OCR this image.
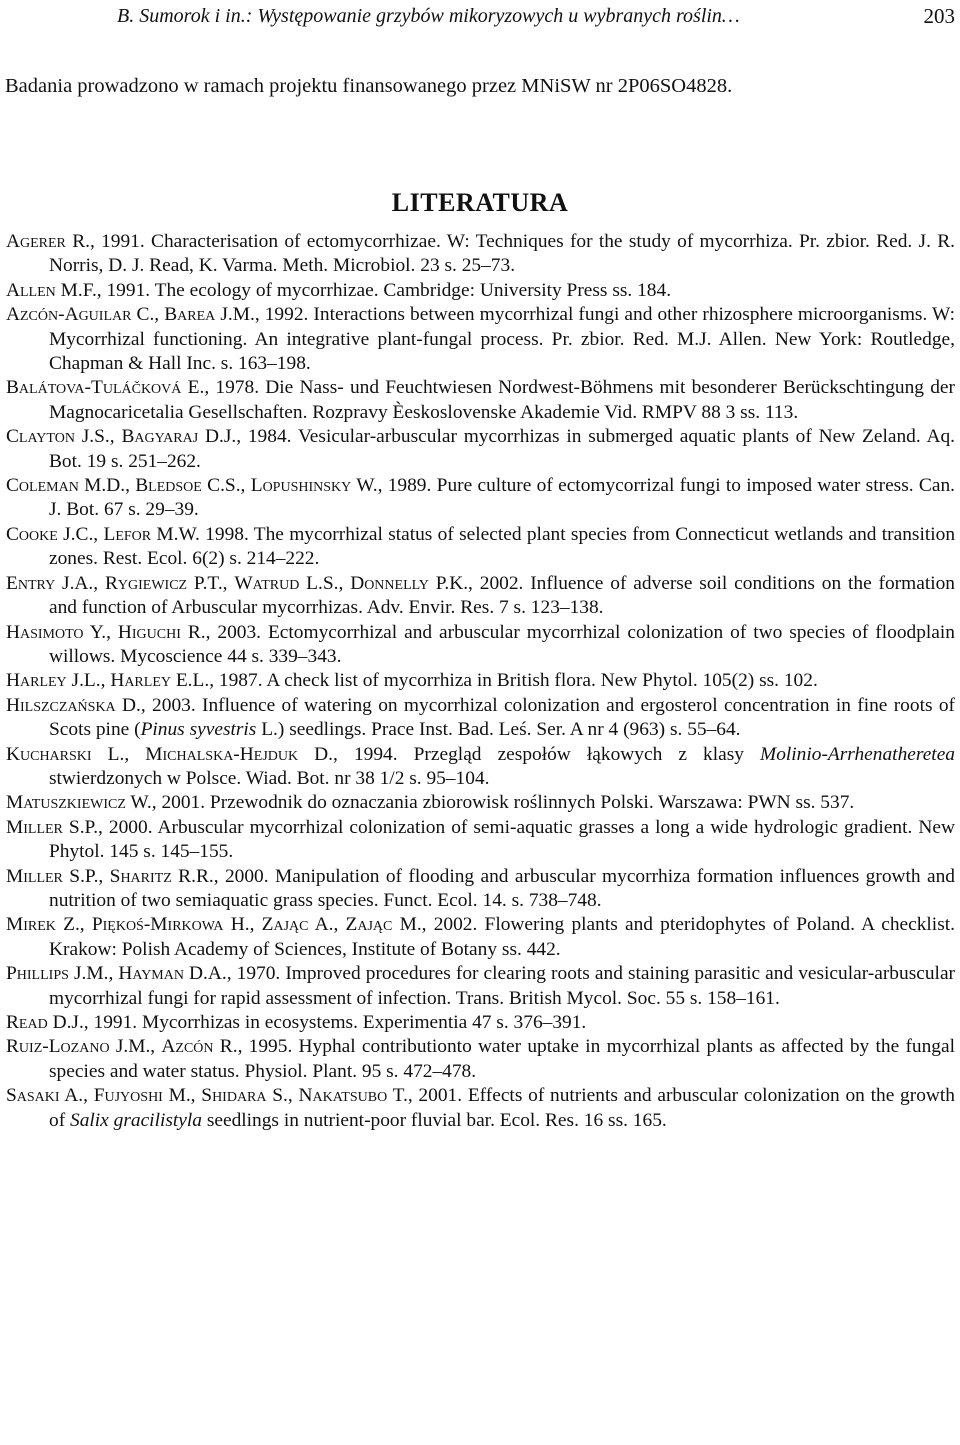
B. Sumorok i in.: Występowanie grzybów mikoryzowych u wybranych roślin…	203
Badania prowadzono w ramach projektu finansowanego przez MNiSW nr 2P06SO4828.
LITERATURA
Agerer R., 1991. Characterisation of ectomycorrhizae. W: Techniques for the study of mycorrhiza. Pr. zbior. Red. J. R. Norris, D. J. Read, K. Varma. Meth. Microbiol. 23 s. 25–73.
Allen M.F., 1991. The ecology of mycorrhizae. Cambridge: University Press ss. 184.
Azcón-Aguilar C., Barea J.M., 1992. Interactions between mycorrhizal fungi and other rhizosphere microorganisms. W: Mycorrhizal functioning. An integrative plant-fungal process. Pr. zbior. Red. M.J. Allen. New York: Routledge, Chapman & Hall Inc. s. 163–198.
Balátova-Tuláčková E., 1978. Die Nass- und Feuchtwiesen Nordwest-Böhmens mit besonderer Berückschtingung der Magnocaricetalia Gesellschaften. Rozpravy Èeskoslovenske Akademie Vid. RMPV 88 3 ss. 113.
Clayton J.S., Bagyaraj D.J., 1984. Vesicular-arbuscular mycorrhizas in submerged aquatic plants of New Zeland. Aq. Bot. 19 s. 251–262.
Coleman M.D., Bledsoe C.S., Lopushinsky W., 1989. Pure culture of ectomycorrizal fungi to imposed water stress. Can. J. Bot. 67 s. 29–39.
Cooke J.C., Lefor M.W. 1998. The mycorrhizal status of selected plant species from Connecticut wetlands and transition zones. Rest. Ecol. 6(2) s. 214–222.
Entry J.A., Rygiewicz P.T., Watrud L.S., Donnelly P.K., 2002. Influence of adverse soil conditions on the formation and function of Arbuscular mycorrhizas. Adv. Envir. Res. 7 s. 123–138.
Hasimoto Y., Higuchi R., 2003. Ectomycorrhizal and arbuscular mycorrhizal colonization of two species of floodplain willows. Mycoscience 44 s. 339–343.
Harley J.L., Harley E.L., 1987. A check list of mycorrhiza in British flora. New Phytol. 105(2) ss. 102.
Hilszczańska D., 2003. Influence of watering on mycorrhizal colonization and ergosterol concentration in fine roots of Scots pine (Pinus syvestris L.) seedlings. Prace Inst. Bad. Leś. Ser. A nr 4 (963) s. 55–64.
Kucharski L., Michalska-Hejduk D., 1994. Przegląd zespołów łąkowych z klasy Molinio-Arrhenatheretea stwierdzonych w Polsce. Wiad. Bot. nr 38 1/2 s. 95–104.
Matuszkiewicz W., 2001. Przewodnik do oznaczania zbiorowisk roślinnych Polski. Warszawa: PWN ss. 537.
Miller S.P., 2000. Arbuscular mycorrhizal colonization of semi-aquatic grasses a long a wide hydrologic gradient. New Phytol. 145 s. 145–155.
Miller S.P., Sharitz R.R., 2000. Manipulation of flooding and arbuscular mycorrhiza formation influences growth and nutrition of two semiaquatic grass species. Funct. Ecol. 14. s. 738–748.
Mirek Z., Piękoś-Mirkowa H., Zając A., Zając M., 2002. Flowering plants and pteridophytes of Poland. A checklist. Krakow: Polish Academy of Sciences, Institute of Botany ss. 442.
Phillips J.M., Hayman D.A., 1970. Improved procedures for clearing roots and staining parasitic and vesicular-arbuscular mycorrhizal fungi for rapid assessment of infection. Trans. British Mycol. Soc. 55 s. 158–161.
Read D.J., 1991. Mycorrhizas in ecosystems. Experimentia 47 s. 376–391.
Ruiz-Lozano J.M., Azcón R., 1995. Hyphal contributionto water uptake in mycorrhizal plants as affected by the fungal species and water status. Physiol. Plant. 95 s. 472–478.
Sasaki A., Fujyoshi M., Shidara S., Nakatsubo T., 2001. Effects of nutrients and arbuscular colonization on the growth of Salix gracilistyla seedlings in nutrient-poor fluvial bar. Ecol. Res. 16 ss. 165.
